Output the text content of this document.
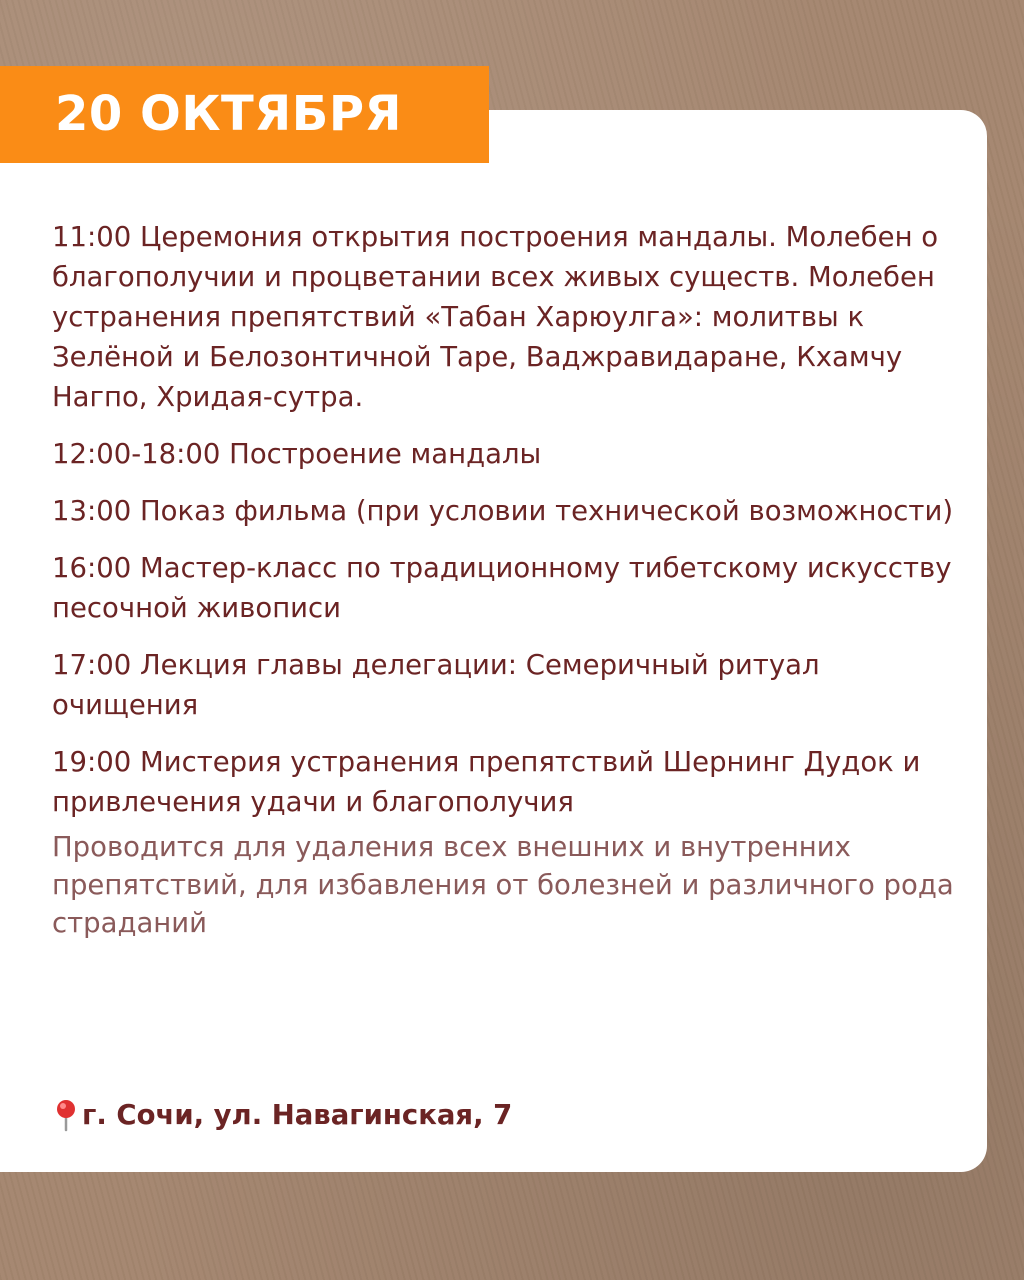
20 ОКТЯБРЯ

11:00 Церемония открытия построения мандалы. Молебен о благополучии и процветании всех живых существ. Молебен устранения препятствий «Табан Харюулга»: молитвы к Зелёной и Белозонтичной Таре, Ваджравидаране, Кхамчу Нагпо, Хридая-сутра.

12:00-18:00 Построение мандалы

13:00 Показ фильма (при условии технической возможности)

16:00 Мастер-класс по традиционному тибетскому искусству песочной живописи

17:00 Лекция главы делегации: Семеричный ритуал очищения

19:00 Мистерия устранения препятствий Шернинг Дудок и привлечения удачи и благополучия

Проводится для удаления всех внешних и внутренних препятствий, для избавления от болезней и различного рода страданий

г. Сочи, ул. Навагинская, 7
